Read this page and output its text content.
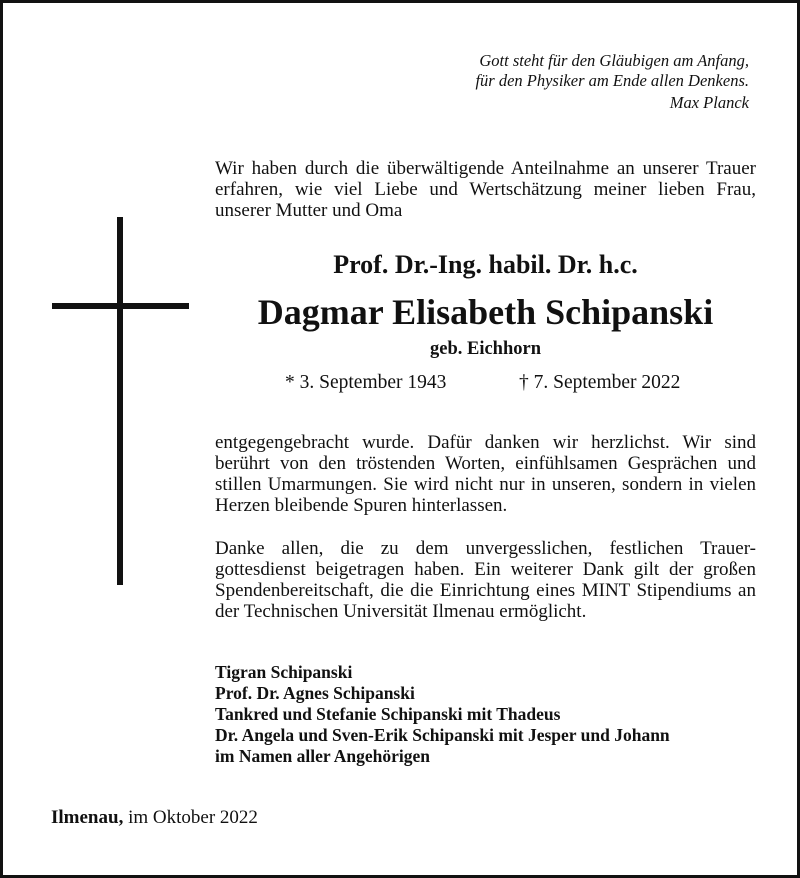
Gott steht für den Gläubigen am Anfang,
für den Physiker am Ende allen Denkens.
Max Planck
Wir haben durch die überwältigende Anteilnahme an unserer Trauer erfahren, wie viel Liebe und Wertschätzung meiner lieben Frau, unserer Mutter und Oma
Prof. Dr.-Ing. habil. Dr. h.c.
Dagmar Elisabeth Schipanski
geb. Eichhorn
* 3. September 1943	† 7. September 2022
entgegengebracht wurde. Dafür danken wir herzlichst. Wir sind berührt von den tröstenden Worten, einfühlsamen Gesprächen und stillen Umarmungen. Sie wird nicht nur in unseren, sondern in vielen Herzen bleibende Spuren hinterlassen.
Danke allen, die zu dem unvergesslichen, festlichen Trauer-gottesdienst beigetragen haben. Ein weiterer Dank gilt der großen Spendenbereitschaft, die die Einrichtung eines MINT Stipendiums an der Technischen Universität Ilmenau ermöglicht.
Tigran Schipanski
Prof. Dr. Agnes Schipanski
Tankred und Stefanie Schipanski mit Thadeus
Dr. Angela und Sven-Erik Schipanski mit Jesper und Johann
im Namen aller Angehörigen
Ilmenau, im Oktober 2022
